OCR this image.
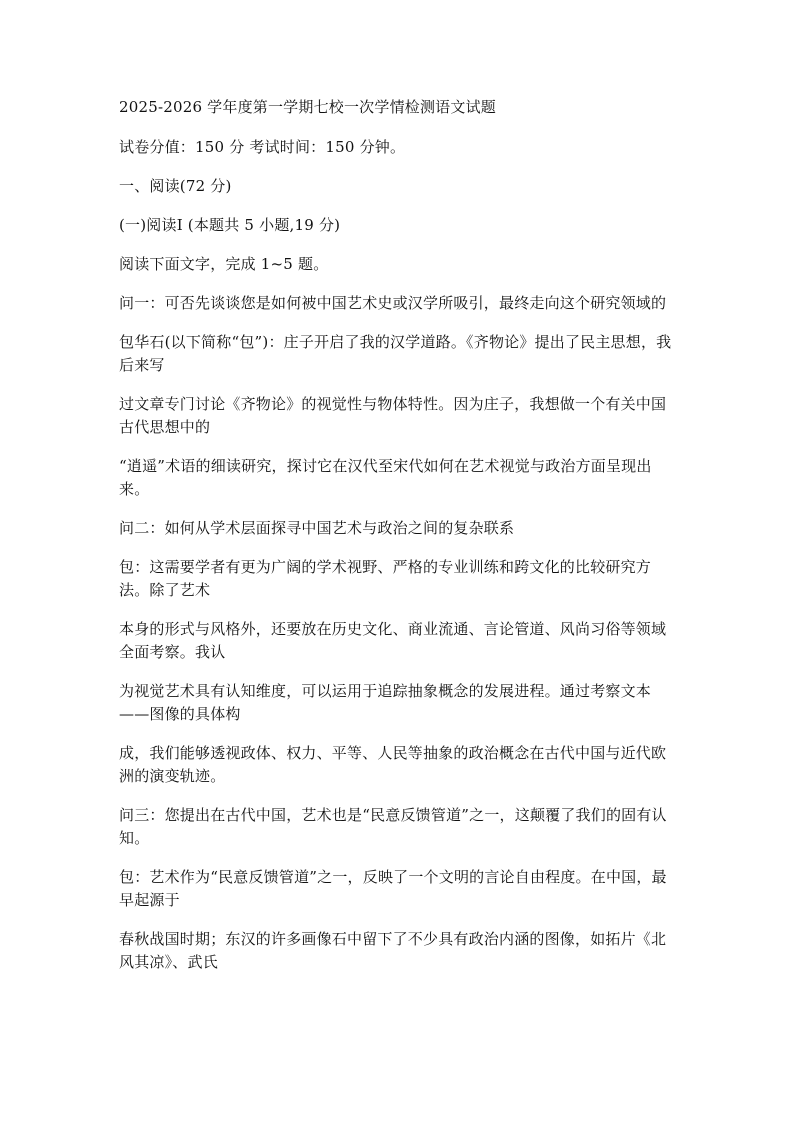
2025-2026 学年度第一学期七校一次学情检测语文试题

试卷分值：150 分 考试时间：150 分钟。

一、阅读(72 分)

(一)阅读Ⅰ (本题共 5 小题,19 分)

阅读下面文字，完成 1~5 题。

问一：可否先谈谈您是如何被中国艺术史或汉学所吸引，最终走向这个研究领域的

包华石(以下简称“包”)：庄子开启了我的汉学道路。《齐物论》提出了民主思想，我后来写

过文章专门讨论《齐物论》的视觉性与物体特性。因为庄子，我想做一个有关中国古代思想中的

“逍遥”术语的细读研究，探讨它在汉代至宋代如何在艺术视觉与政治方面呈现出来。

问二：如何从学术层面探寻中国艺术与政治之间的复杂联系

包：这需要学者有更为广阔的学术视野、严格的专业训练和跨文化的比较研究方法。除了艺术

本身的形式与风格外，还要放在历史文化、商业流通、言论管道、风尚习俗等领域全面考察。我认

为视觉艺术具有认知维度，可以运用于追踪抽象概念的发展进程。通过考察文本——图像的具体构

成，我们能够透视政体、权力、平等、人民等抽象的政治概念在古代中国与近代欧洲的演变轨迹。

问三：您提出在古代中国，艺术也是“民意反馈管道”之一，这颠覆了我们的固有认知。

包：艺术作为“民意反馈管道”之一，反映了一个文明的言论自由程度。在中国，最早起源于

春秋战国时期；东汉的许多画像石中留下了不少具有政治内涵的图像，如拓片《北风其凉》、武氏
